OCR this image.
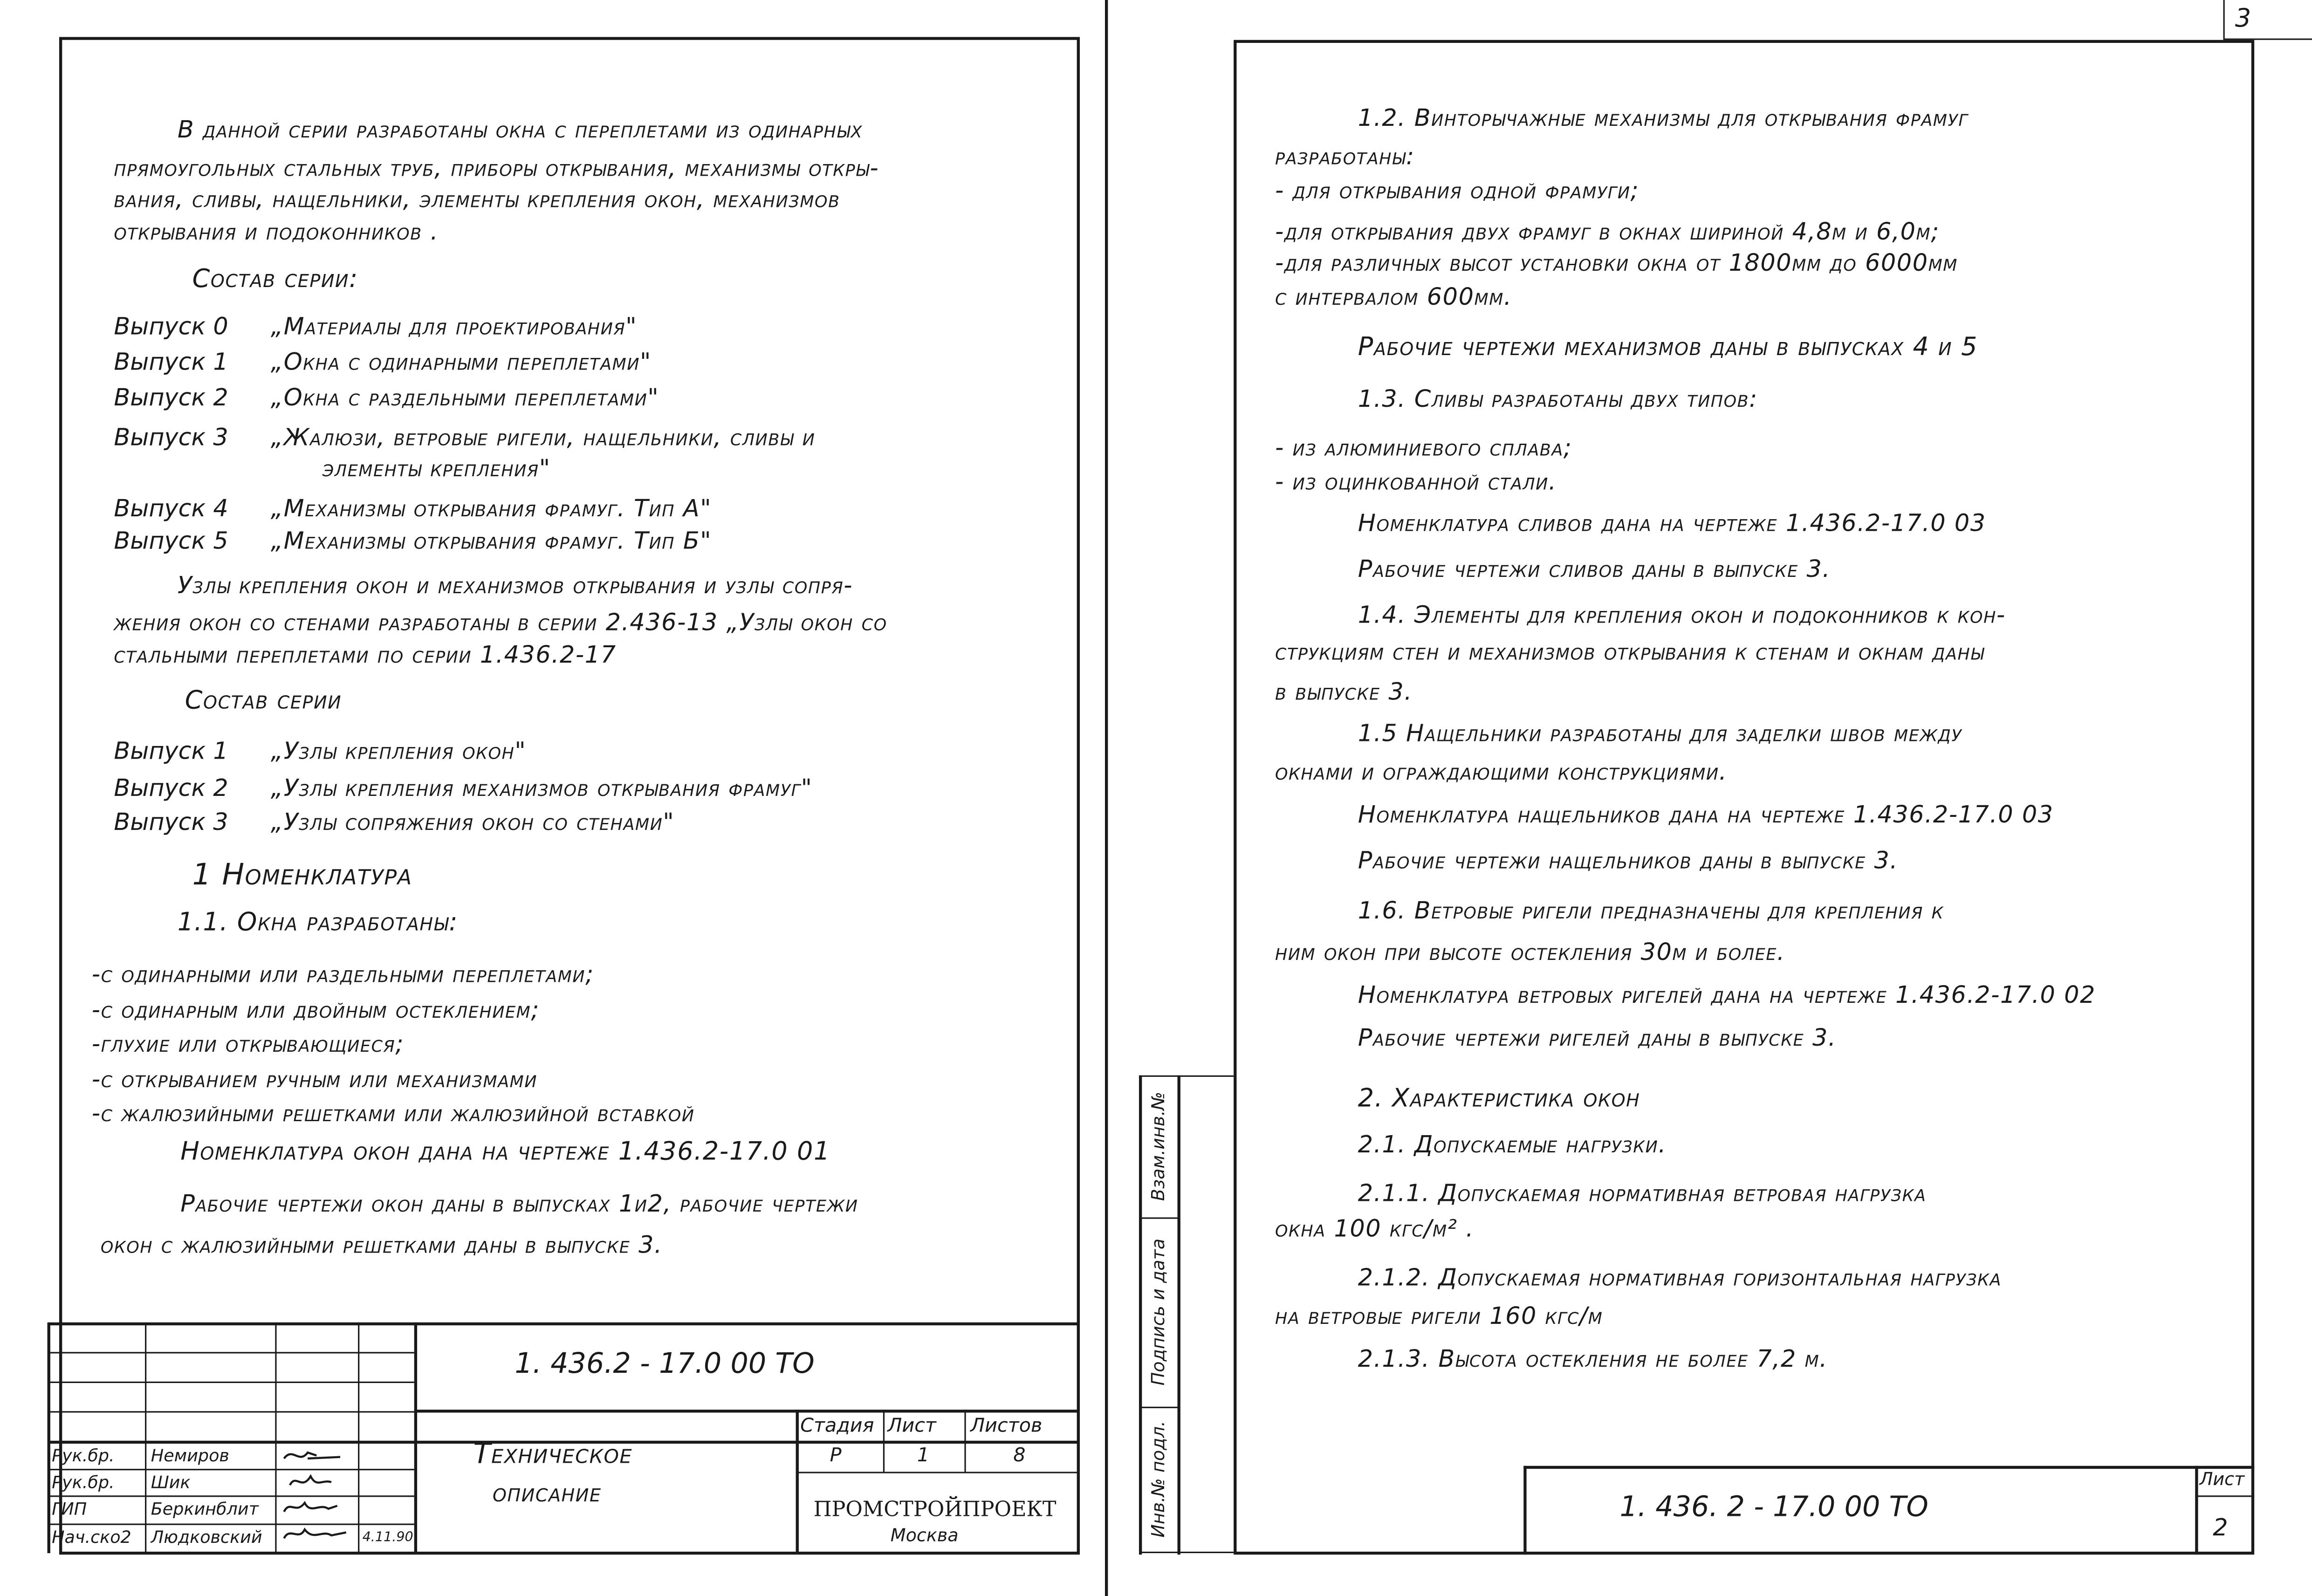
3
В данной серии разработаны окна с переплетами из одинарных
прямоугольных стальных труб, приборы открывания, механизмы откры-
вания, сливы, нащельники, элементы крепления окон, механизмов
открывания и подоконников .
Состав серии:
Выпуск 0	„Материалы для проектирования"
Выпуск 1	„Окна с одинарными переплетами"
Выпуск 2	„Окна с раздельными переплетами"
Выпуск 3	„Жалюзи, ветровые ригели, нащельники, сливы и
элементы крепления"
Выпуск 4	„Механизмы открывания фрамуг. Тип А"
Выпуск 5	„Механизмы открывания фрамуг. Тип Б"
Узлы крепления окон и механизмов открывания и узлы сопря-
жения окон со стенами разработаны в серии 2.436-13 „Узлы окон со
стальными переплетами по серии 1.436.2-17
Состав серии
Выпуск 1	„Узлы крепления окон"
Выпуск 2	„Узлы крепления механизмов открывания фрамуг"
Выпуск 3	„Узлы сопряжения окон со стенами"
1 Номенклатура
1.1. Окна разработаны:
-с одинарными или раздельными переплетами;
-с одинарным или двойным остеклением;
-глухие или открывающиеся;
-с открыванием ручным или механизмами
-с жалюзийными решетками или жалюзийной вставкой
Номенклатура окон дана на чертеже 1.436.2-17.0 01
Рабочие чертежи окон даны в выпусках 1и2, рабочие чертежи
окон с жалюзийными решетками даны в выпуске 3.
1. 436.2 - 17.0 00 ТО
Техническое
описание
Стадия Лист	Листов
Р	1	8
ПРОМСТРОЙПРОЕКТ
Москва
Рук.бр.	Немиров
Рук.бр.	Шик
ГИП	Беркинблит
Нач.ско2	Людковский	4.11.90
1.2. Винторычажные механизмы для открывания фрамуг
разработаны:
- для открывания одной фрамуги;
-для открывания двух фрамуг в окнах шириной 4,8м и 6,0м;
-для различных высот установки окна от 1800мм до 6000мм
с интервалом 600мм.
Рабочие чертежи механизмов даны в выпусках 4 и 5
1.3. Сливы разработаны двух типов:
- из алюминиевого сплава;
- из оцинкованной стали.
Номенклатура сливов дана на чертеже 1.436.2-17.0 03
Рабочие чертежи сливов даны в выпуске 3.
1.4. Элементы для крепления окон и подоконников к кон-
струкциям стен и механизмов открывания к стенам и окнам даны
в выпуске 3.
1.5 Нащельники разработаны для заделки швов между
окнами и ограждающими конструкциями.
Номенклатура нащельников дана на чертеже 1.436.2-17.0 03
Рабочие чертежи нащельников даны в выпуске 3.
1.6. Ветровые ригели предназначены для крепления к
ним окон при высоте остекления 30м и более.
Номенклатура ветровых ригелей дана на чертеже 1.436.2-17.0 02
Рабочие чертежи ригелей даны в выпуске 3.
2. Характеристика окон
2.1. Допускаемые нагрузки.
2.1.1. Допускаемая нормативная ветровая нагрузка
окна 100 кгс/м² .
2.1.2. Допускаемая нормативная горизонтальная нагрузка
на ветровые ригели 160 кгс/м
2.1.3. Высота остекления не более 7,2 м.
Инв.№ подл.
Подпись и дата
Взам.инв.№
1. 436. 2 - 17.0 00 ТО
Лист
2
